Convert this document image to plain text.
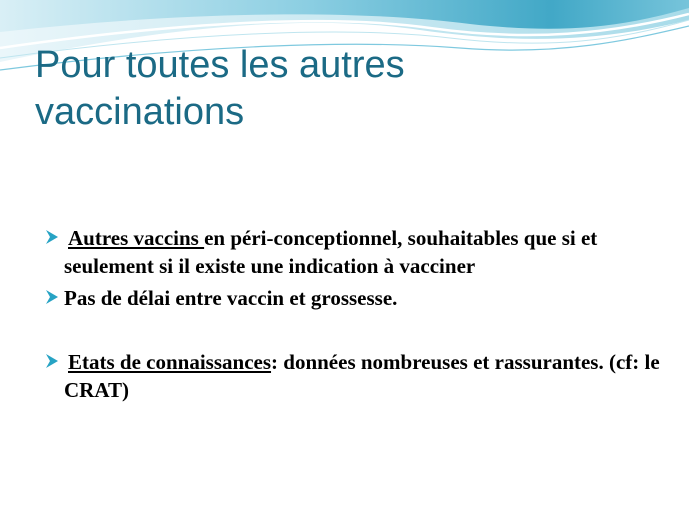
Pour toutes les autres
vaccinations
Autres vaccins en péri-conceptionnel, souhaitables que si et seulement si il existe une indication à vacciner
Pas de délai entre vaccin et grossesse.
Etats de connaissances: données nombreuses et rassurantes. (cf: le CRAT)
